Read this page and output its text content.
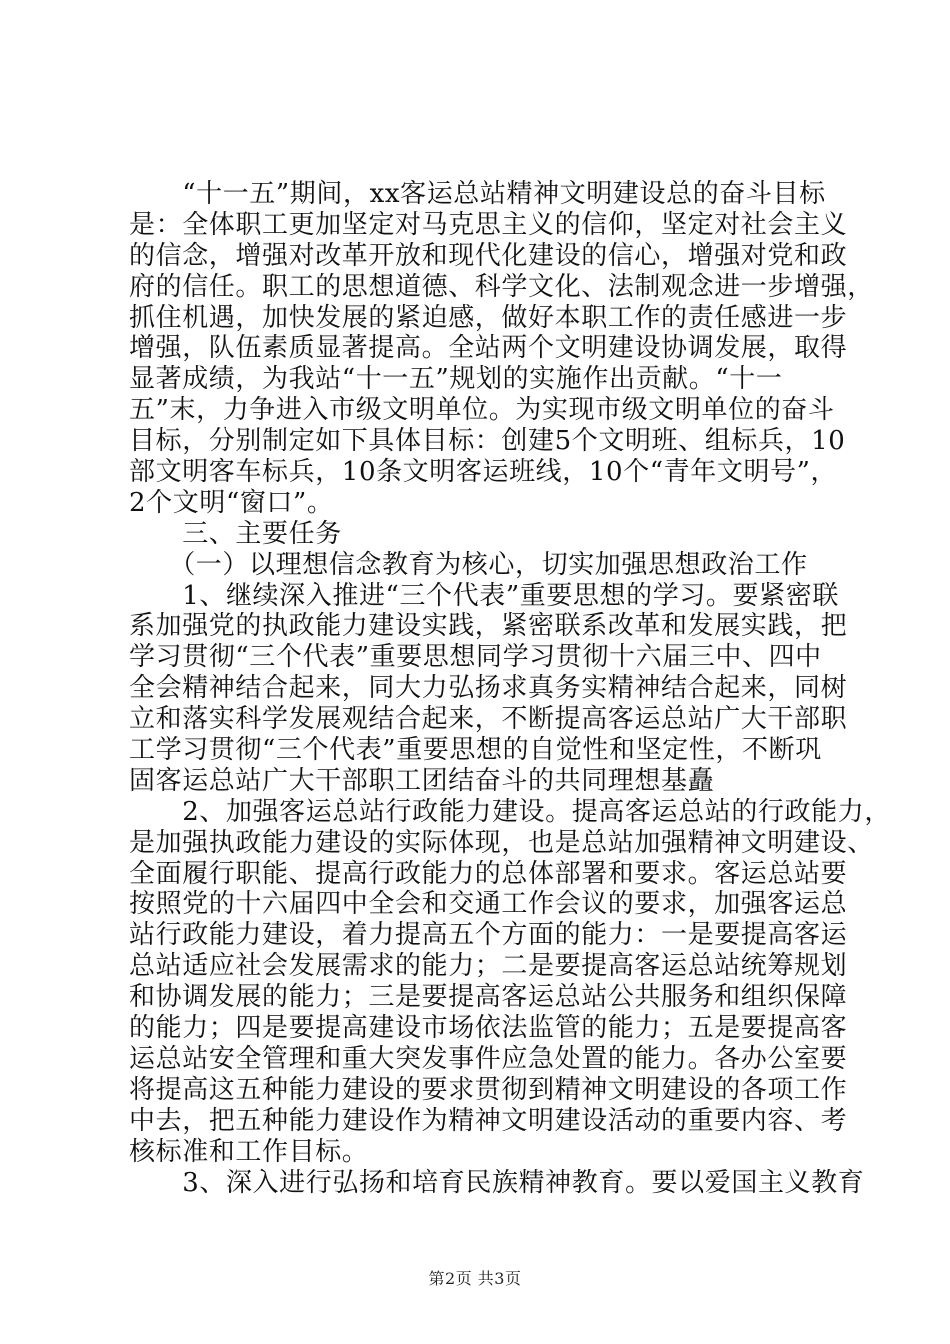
　　“十一五”期间，xx客运总站精神文明建设总的奋斗目标
是：全体职工更加坚定对马克思主义的信仰，坚定对社会主义
的信念，增强对改革开放和现代化建设的信心，增强对党和政
府的信任。职工的思想道德、科学文化、法制观念进一步增强，
抓住机遇，加快发展的紧迫感，做好本职工作的责任感进一步
增强，队伍素质显著提高。全站两个文明建设协调发展，取得
显著成绩，为我站“十一五”规划的实施作出贡献。“十一
五”末，力争进入市级文明单位。为实现市级文明单位的奋斗
目标，分别制定如下具体目标：创建5个文明班、组标兵，10
部文明客车标兵，10条文明客运班线，10个“青年文明号”，
2个文明“窗口”。
　　三、主要任务
　　（一）以理想信念教育为核心，切实加强思想政治工作
　　1、继续深入推进“三个代表”重要思想的学习。要紧密联
系加强党的执政能力建设实践，紧密联系改革和发展实践，把
学习贯彻“三个代表”重要思想同学习贯彻十六届三中、四中
全会精神结合起来，同大力弘扬求真务实精神结合起来，同树
立和落实科学发展观结合起来，不断提高客运总站广大干部职
工学习贯彻“三个代表”重要思想的自觉性和坚定性，不断巩
固客运总站广大干部职工团结奋斗的共同理想基矗
　　2、加强客运总站行政能力建设。提高客运总站的行政能力，
是加强执政能力建设的实际体现，也是总站加强精神文明建设、
全面履行职能、提高行政能力的总体部署和要求。客运总站要
按照党的十六届四中全会和交通工作会议的要求，加强客运总
站行政能力建设，着力提高五个方面的能力：一是要提高客运
总站适应社会发展需求的能力；二是要提高客运总站统筹规划
和协调发展的能力；三是要提高客运总站公共服务和组织保障
的能力；四是要提高建设市场依法监管的能力；五是要提高客
运总站安全管理和重大突发事件应急处置的能力。各办公室要
将提高这五种能力建设的要求贯彻到精神文明建设的各项工作
中去，把五种能力建设作为精神文明建设活动的重要内容、考
核标准和工作目标。
　　3、深入进行弘扬和培育民族精神教育。要以爱国主义教育
第2页 共3页
